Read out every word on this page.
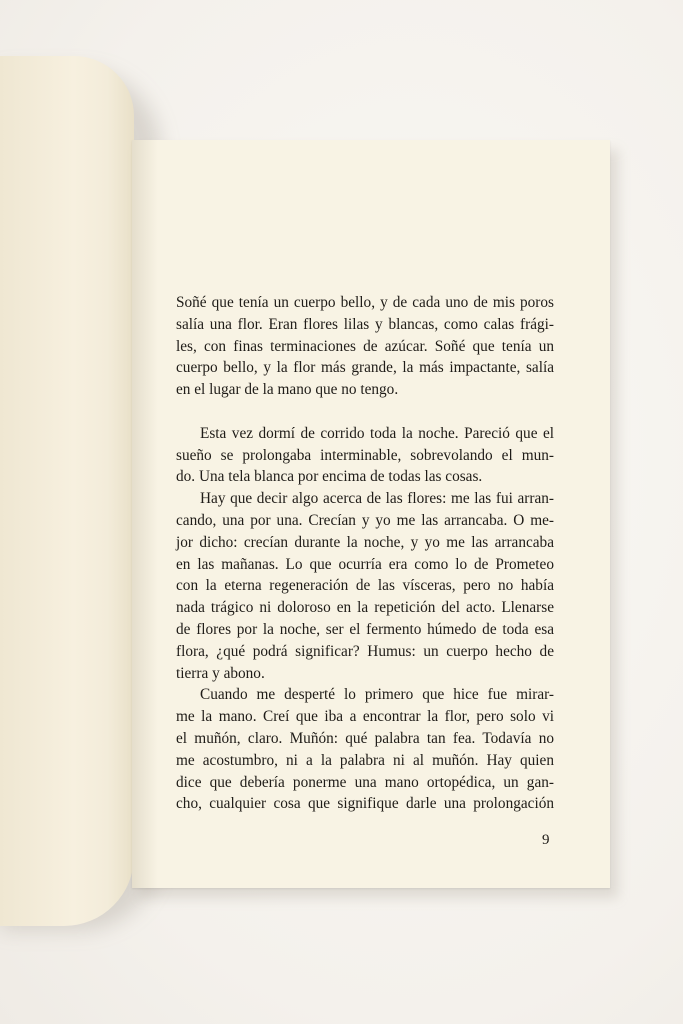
Soñé que tenía un cuerpo bello, y de cada uno de mis poros
salía una flor. Eran flores lilas y blancas, como calas frági-
les, con finas terminaciones de azúcar. Soñé que tenía un
cuerpo bello, y la flor más grande, la más impactante, salía
en el lugar de la mano que no tengo.
Esta vez dormí de corrido toda la noche. Pareció que el
sueño se prolongaba interminable, sobrevolando el mun-
do. Una tela blanca por encima de todas las cosas.
Hay que decir algo acerca de las flores: me las fui arran-
cando, una por una. Crecían y yo me las arrancaba. O me-
jor dicho: crecían durante la noche, y yo me las arrancaba
en las mañanas. Lo que ocurría era como lo de Prometeo
con la eterna regeneración de las vísceras, pero no había
nada trágico ni doloroso en la repetición del acto. Llenarse
de flores por la noche, ser el fermento húmedo de toda esa
flora, ¿qué podrá significar? Humus: un cuerpo hecho de
tierra y abono.
Cuando me desperté lo primero que hice fue mirar-
me la mano. Creí que iba a encontrar la flor, pero solo vi
el muñón, claro. Muñón: qué palabra tan fea. Todavía no
me acostumbro, ni a la palabra ni al muñón. Hay quien
dice que debería ponerme una mano ortopédica, un gan-
cho, cualquier cosa que signifique darle una prolongación
9
